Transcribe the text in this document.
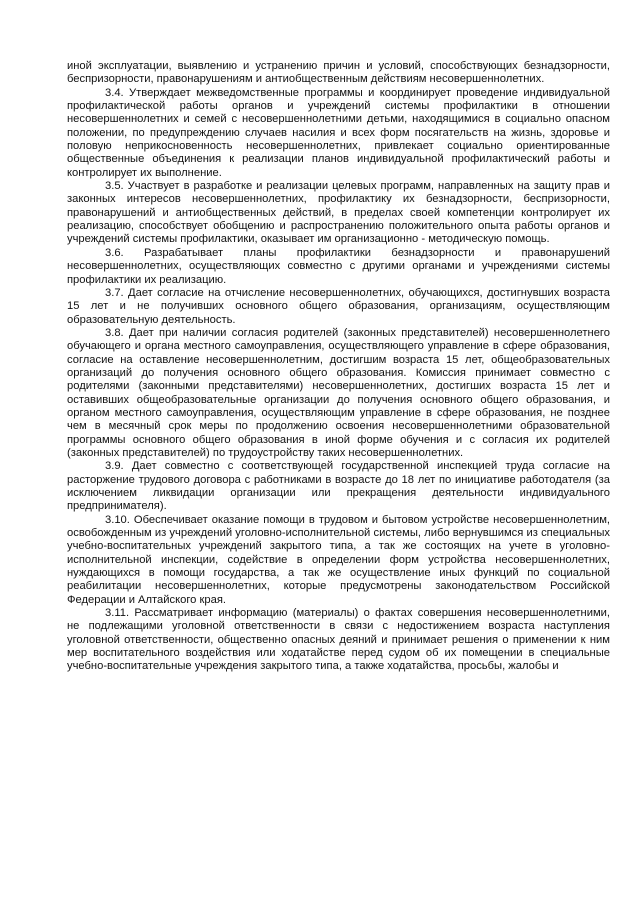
иной эксплуатации, выявлению и устранению причин и условий, способствующих безнадзорности, беспризорности, правонарушениям и антиобщественным действиям несовершеннолетних.

3.4. Утверждает межведомственные программы и координирует проведение индивидуальной профилактической работы органов и учреждений системы профилактики в отношении несовершеннолетних и семей с несовершеннолетними детьми, находящимися в социально опасном положении, по предупреждению случаев насилия и всех форм посягательств на жизнь, здоровье и половую неприкосновенность несовершеннолетних, привлекает социально ориентированные общественные объединения к реализации планов индивидуальной профилактический работы и контролирует их выполнение.

3.5. Участвует в разработке и реализации целевых программ, направленных на защиту прав и законных интересов несовершеннолетних, профилактику их безнадзорности, беспризорности, правонарушений и антиобщественных действий, в пределах своей компетенции контролирует их реализацию, способствует обобщению и распространению положительного опыта работы органов и учреждений системы профилактики, оказывает им организационно - методическую помощь.

3.6. Разрабатывает планы профилактики безнадзорности и правонарушений несовершеннолетних, осуществляющих совместно с другими органами и учреждениями системы профилактики их реализацию.

3.7. Дает согласие на отчисление несовершеннолетних, обучающихся, достигнувших возраста 15 лет и не получивших основного общего образования, организациям, осуществляющим образовательную деятельность.

3.8. Дает при наличии согласия родителей (законных представителей) несовершеннолетнего обучающего и органа местного самоуправления, осуществляющего управление в сфере образования, согласие на оставление несовершеннолетним, достигшим возраста 15 лет, общеобразовательных организаций до получения основного общего образования. Комиссия принимает совместно с родителями (законными представителями) несовершеннолетних, достигших возраста 15 лет и оставивших общеобразовательные организации до получения основного общего образования, и органом местного самоуправления, осуществляющим управление в сфере образования, не позднее чем в месячный срок меры по продолжению освоения несовершеннолетними образовательной программы основного общего образования в иной форме обучения и с согласия их родителей (законных представителей) по трудоустройству таких несовершеннолетних.

3.9. Дает совместно с соответствующей государственной инспекцией труда согласие на расторжение трудового договора с работниками в возрасте до 18 лет по инициативе работодателя (за исключением ликвидации организации или прекращения деятельности индивидуального предпринимателя).

3.10. Обеспечивает оказание помощи в трудовом и бытовом устройстве несовершеннолетним, освобожденным из учреждений уголовно-исполнительной системы, либо вернувшимся из специальных учебно-воспитательных учреждений закрытого типа, а так же состоящих на учете в уголовно-исполнительной инспекции, содействие в определении форм устройства несовершеннолетних, нуждающихся в помощи государства, а так же осуществление иных функций по социальной реабилитации несовершеннолетних, которые предусмотрены законодательством Российской Федерации и Алтайского края.

3.11. Рассматривает информацию (материалы) о фактах совершения несовершеннолетними, не подлежащими уголовной ответственности в связи с недостижением возраста наступления уголовной ответственности, общественно опасных деяний и принимает решения о применении к ним мер воспитательного воздействия или ходатайстве перед судом об их помещении в специальные учебно-воспитательные учреждения закрытого типа, а также ходатайства, просьбы, жалобы и
